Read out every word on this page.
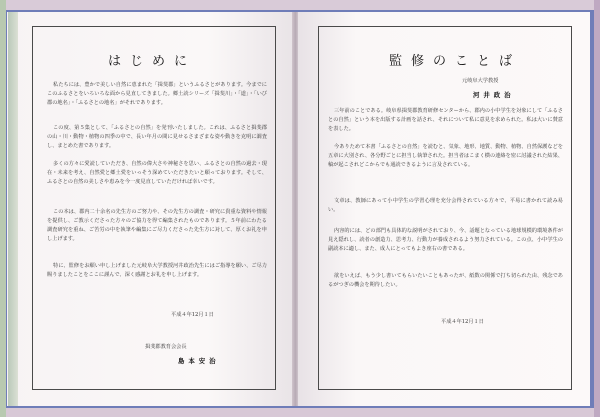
はじめに
私たちには、豊かで美しい自然に恵まれた「揖斐郡」というふるさとがあります。今までにこのふるさとをいろいろな面から見直してきました。郷土読シリーズ「揖斐川」・「道」・「いび郡の地名」・「ふるさとの地名」がそれであります。
この度、第５集として、「ふるさとの自然」を発刊いたしました。これは、ふるさと揖斐郡の山・川・動物・植物の四季の中で、長い年月の間に見せるさまざまな姿や動きを克明に調査し、まとめた書であります。
多くの方々に愛読していただき、自然の偉大さや神秘さを思い、ふるさとの自然の過去・現在・未来を考え、自然愛と郷土愛をいっそう深めていただきたいと願っております。そして、ふるさとの自然の美しさや恵みを今一度見直していただければ幸いです。
この本は、郡内二十余名の先生方のご努力や、その先生方の調査・研究に貴重な資料や情報を提供し、ご教示くださった方々のご協力を得て編集されたものであります。５年前にわたる調査研究を重ね、ご苦労の中を執筆や編集にご尽力くださった先生方に対して、厚くお礼を申し上げます。
特に、監修をお願い申し上げました元岐阜大学教授河井政治先生にはご指導を願い、ご尽力賜りましたことをここに謹んで、深く感謝とお礼を申し上げます。
平成４年12月１日
揖斐郡教育会会長
島本安治
監修のことば
元岐阜大学教授
河井政治
三年前のことである。岐阜県揖斐郡教育研修センターから、郡内の小中学生を対象にして「ふるさとの自然」という本を出版する計画を話され、それについて私に意見を求められた。私は大いに賛意を表した。
今ありためて本書「ふるさとの自然」を読むと、気象、地形、地質、動物、植物、自然保護などを五章に大別され、各分野ごとに担当し執筆された。担当者はこまく横の連絡を密に討議された結果、稿が起こされどこからでも通読できるように言及されている。
文章は、教師にあって小中学生の学習心理を充分会得されている方々で、平易に書かれて読み易い。
内容的には、どの部門も具体的な説明がされており、今、話題となっている地球規模的環境条件が見え隠れし、読者の創造力、思考力、行動力が養成されるよう努力されている。この点、小中学生の副読本に適し、また、成人にとってもよき座右の書である。
欲をいえば、もう少し書いてもらいたいこともあったが、紙数の関係で打ち切られた由、残念であるがつぎの機会を期待したい。
平成４年12月１日
